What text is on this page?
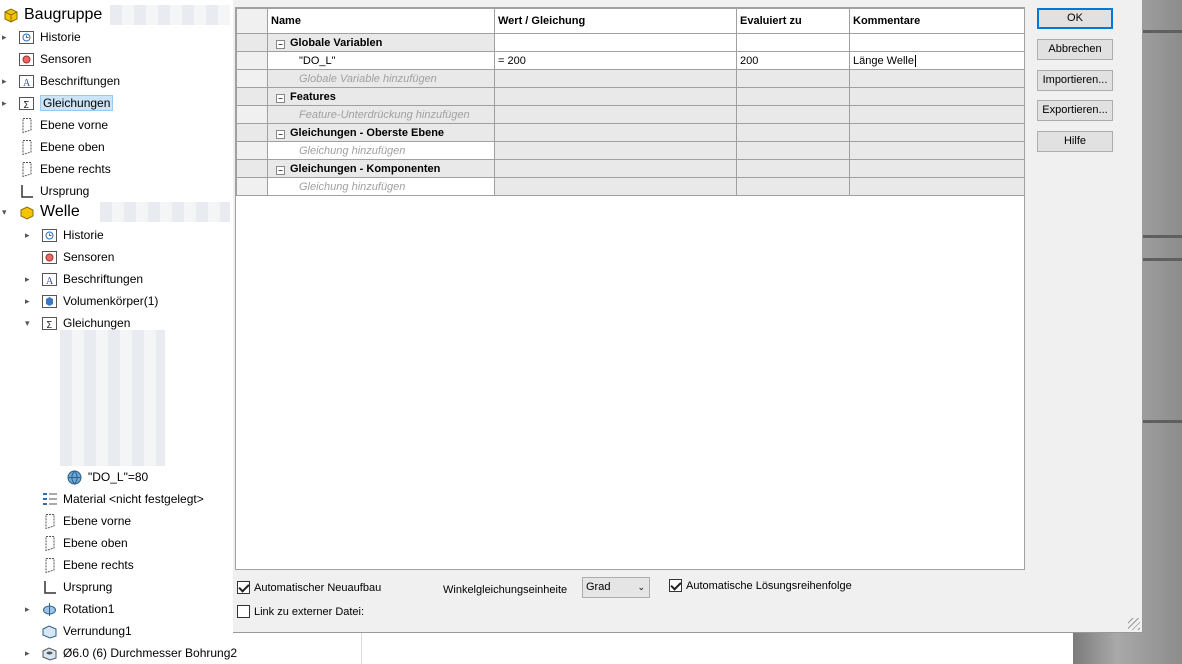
Baugruppe
▸	Historie
Sensoren
▸	A Beschriftungen
▸	Σ Gleichungen
Ebene vorne
Ebene oben
Ebene rechts
Ursprung
▾ Welle
▸	Historie
Sensoren
▸	A Beschriftungen
▸	Volumenkörper(1)
▾	Σ Gleichungen
"DO_L"=80
Material <nicht festgelegt>
Ebene vorne
Ebene oben
Ebene rechts
Ursprung
▸	Rotation1
Verrundung1
▸	Ø6.0 (6) Durchmesser Bohrung2
	Name	Wert / Gleichung	Evaluiert zu	Kommentare
	− Globale Variablen			
	"DO_L"	= 200	200	Länge Welle
	Globale Variable hinzufügen			
	− Features			
	Feature-Unterdrückung hinzufügen			
	− Gleichungen - Oberste Ebene			
	Gleichung hinzufügen			
	− Gleichungen - Komponenten			
	Gleichung hinzufügen			
OK
Abbrechen
Importieren...
Exportieren...
Hilfe
Automatischer Neuaufbau
Link zu externer Datei:
Winkelgleichungseinheite	Grad	⌄	Automatische Lösungsreihenfolge
